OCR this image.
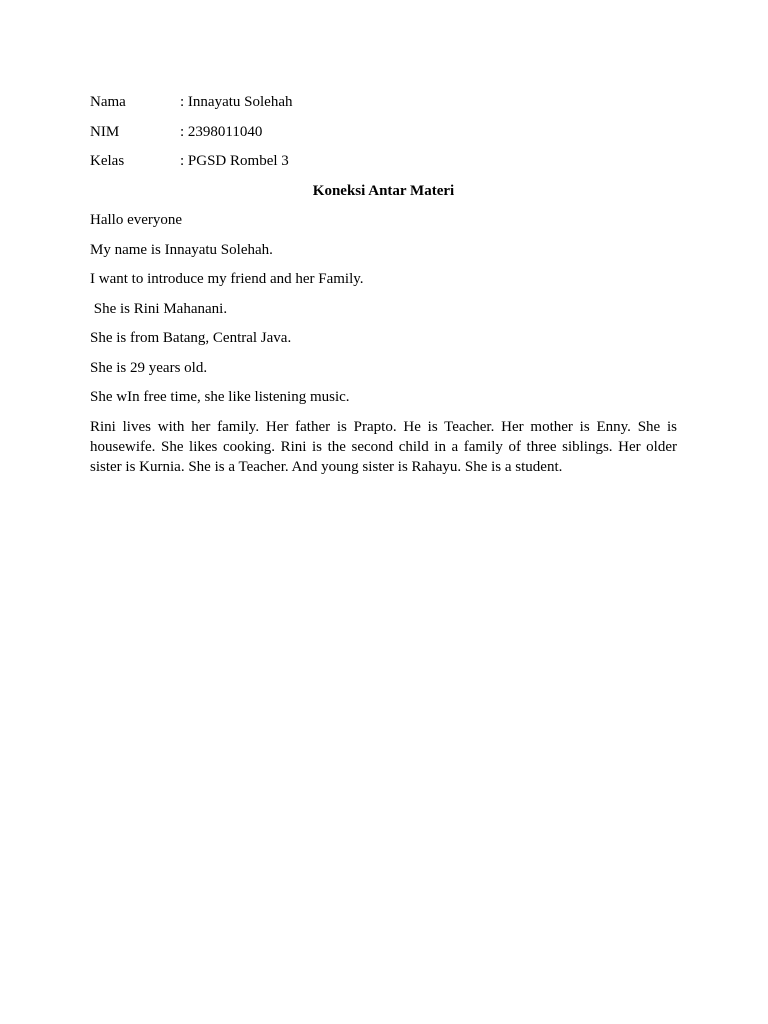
Nama	: Innayatu Solehah
NIM	: 2398011040
Kelas	: PGSD Rombel 3
Koneksi Antar Materi
Hallo everyone
My name is Innayatu Solehah.
I want to introduce my friend and her Family.
She is Rini Mahanani.
She is from Batang, Central Java.
She is 29 years old.
She wIn free time, she like listening music.

Rini lives with her family. Her father is Prapto. He is Teacher. Her mother is Enny. She is housewife. She likes cooking. Rini is the second child in a family of three siblings. Her older sister is Kurnia. She is a Teacher. And young sister is Rahayu. She is a student.
